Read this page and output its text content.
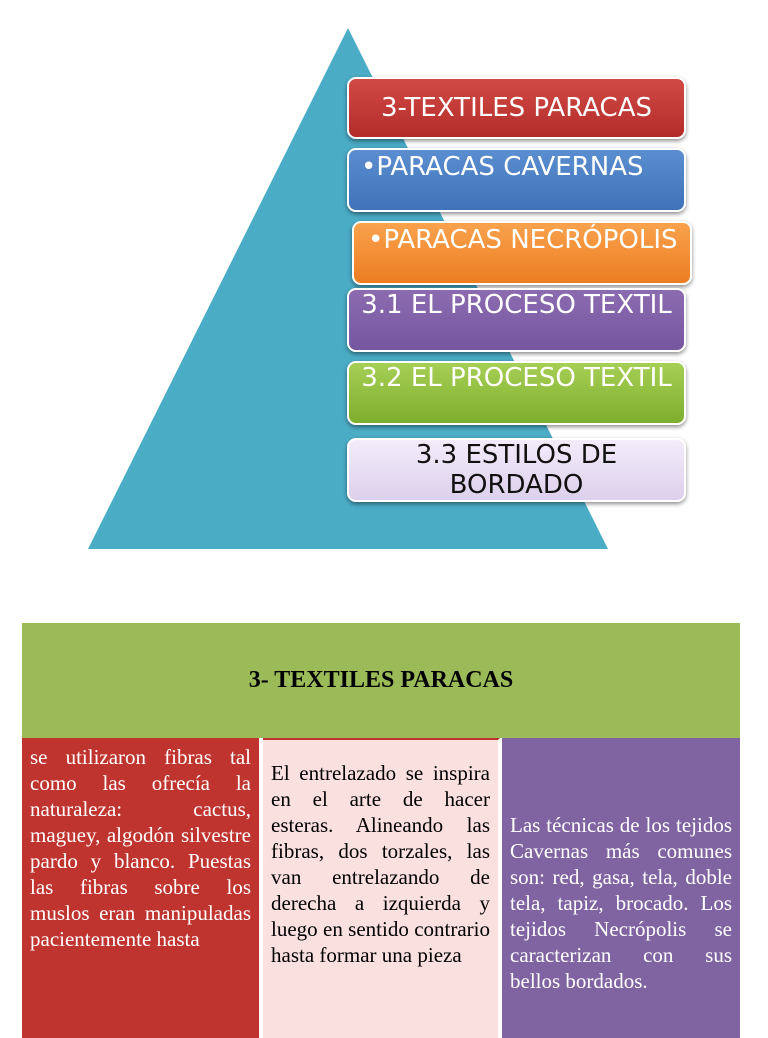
3-TEXTILES PARACAS
•PARACAS CAVERNAS
•PARACAS NECRÓPOLIS
3.1 EL PROCESO TEXTIL
3.2 EL PROCESO TEXTIL
3.3 ESTILOS DE BORDADO
3- TEXTILES PARACAS

se utilizaron fibras tal como las ofrecía la naturaleza: cactus, maguey, algodón silvestre pardo y blanco. Puestas las fibras sobre los muslos eran manipuladas pacientemente hasta

El entrelazado se inspira en el arte de hacer esteras. Alineando las fibras, dos torzales, las van entrelazando de derecha a izquierda y luego en sentido contrario hasta formar una pieza

Las técnicas de los tejidos Cavernas más comunes son: red, gasa, tela, doble tela, tapiz, brocado. Los tejidos Necrópolis se caracterizan con sus bellos bordados.
